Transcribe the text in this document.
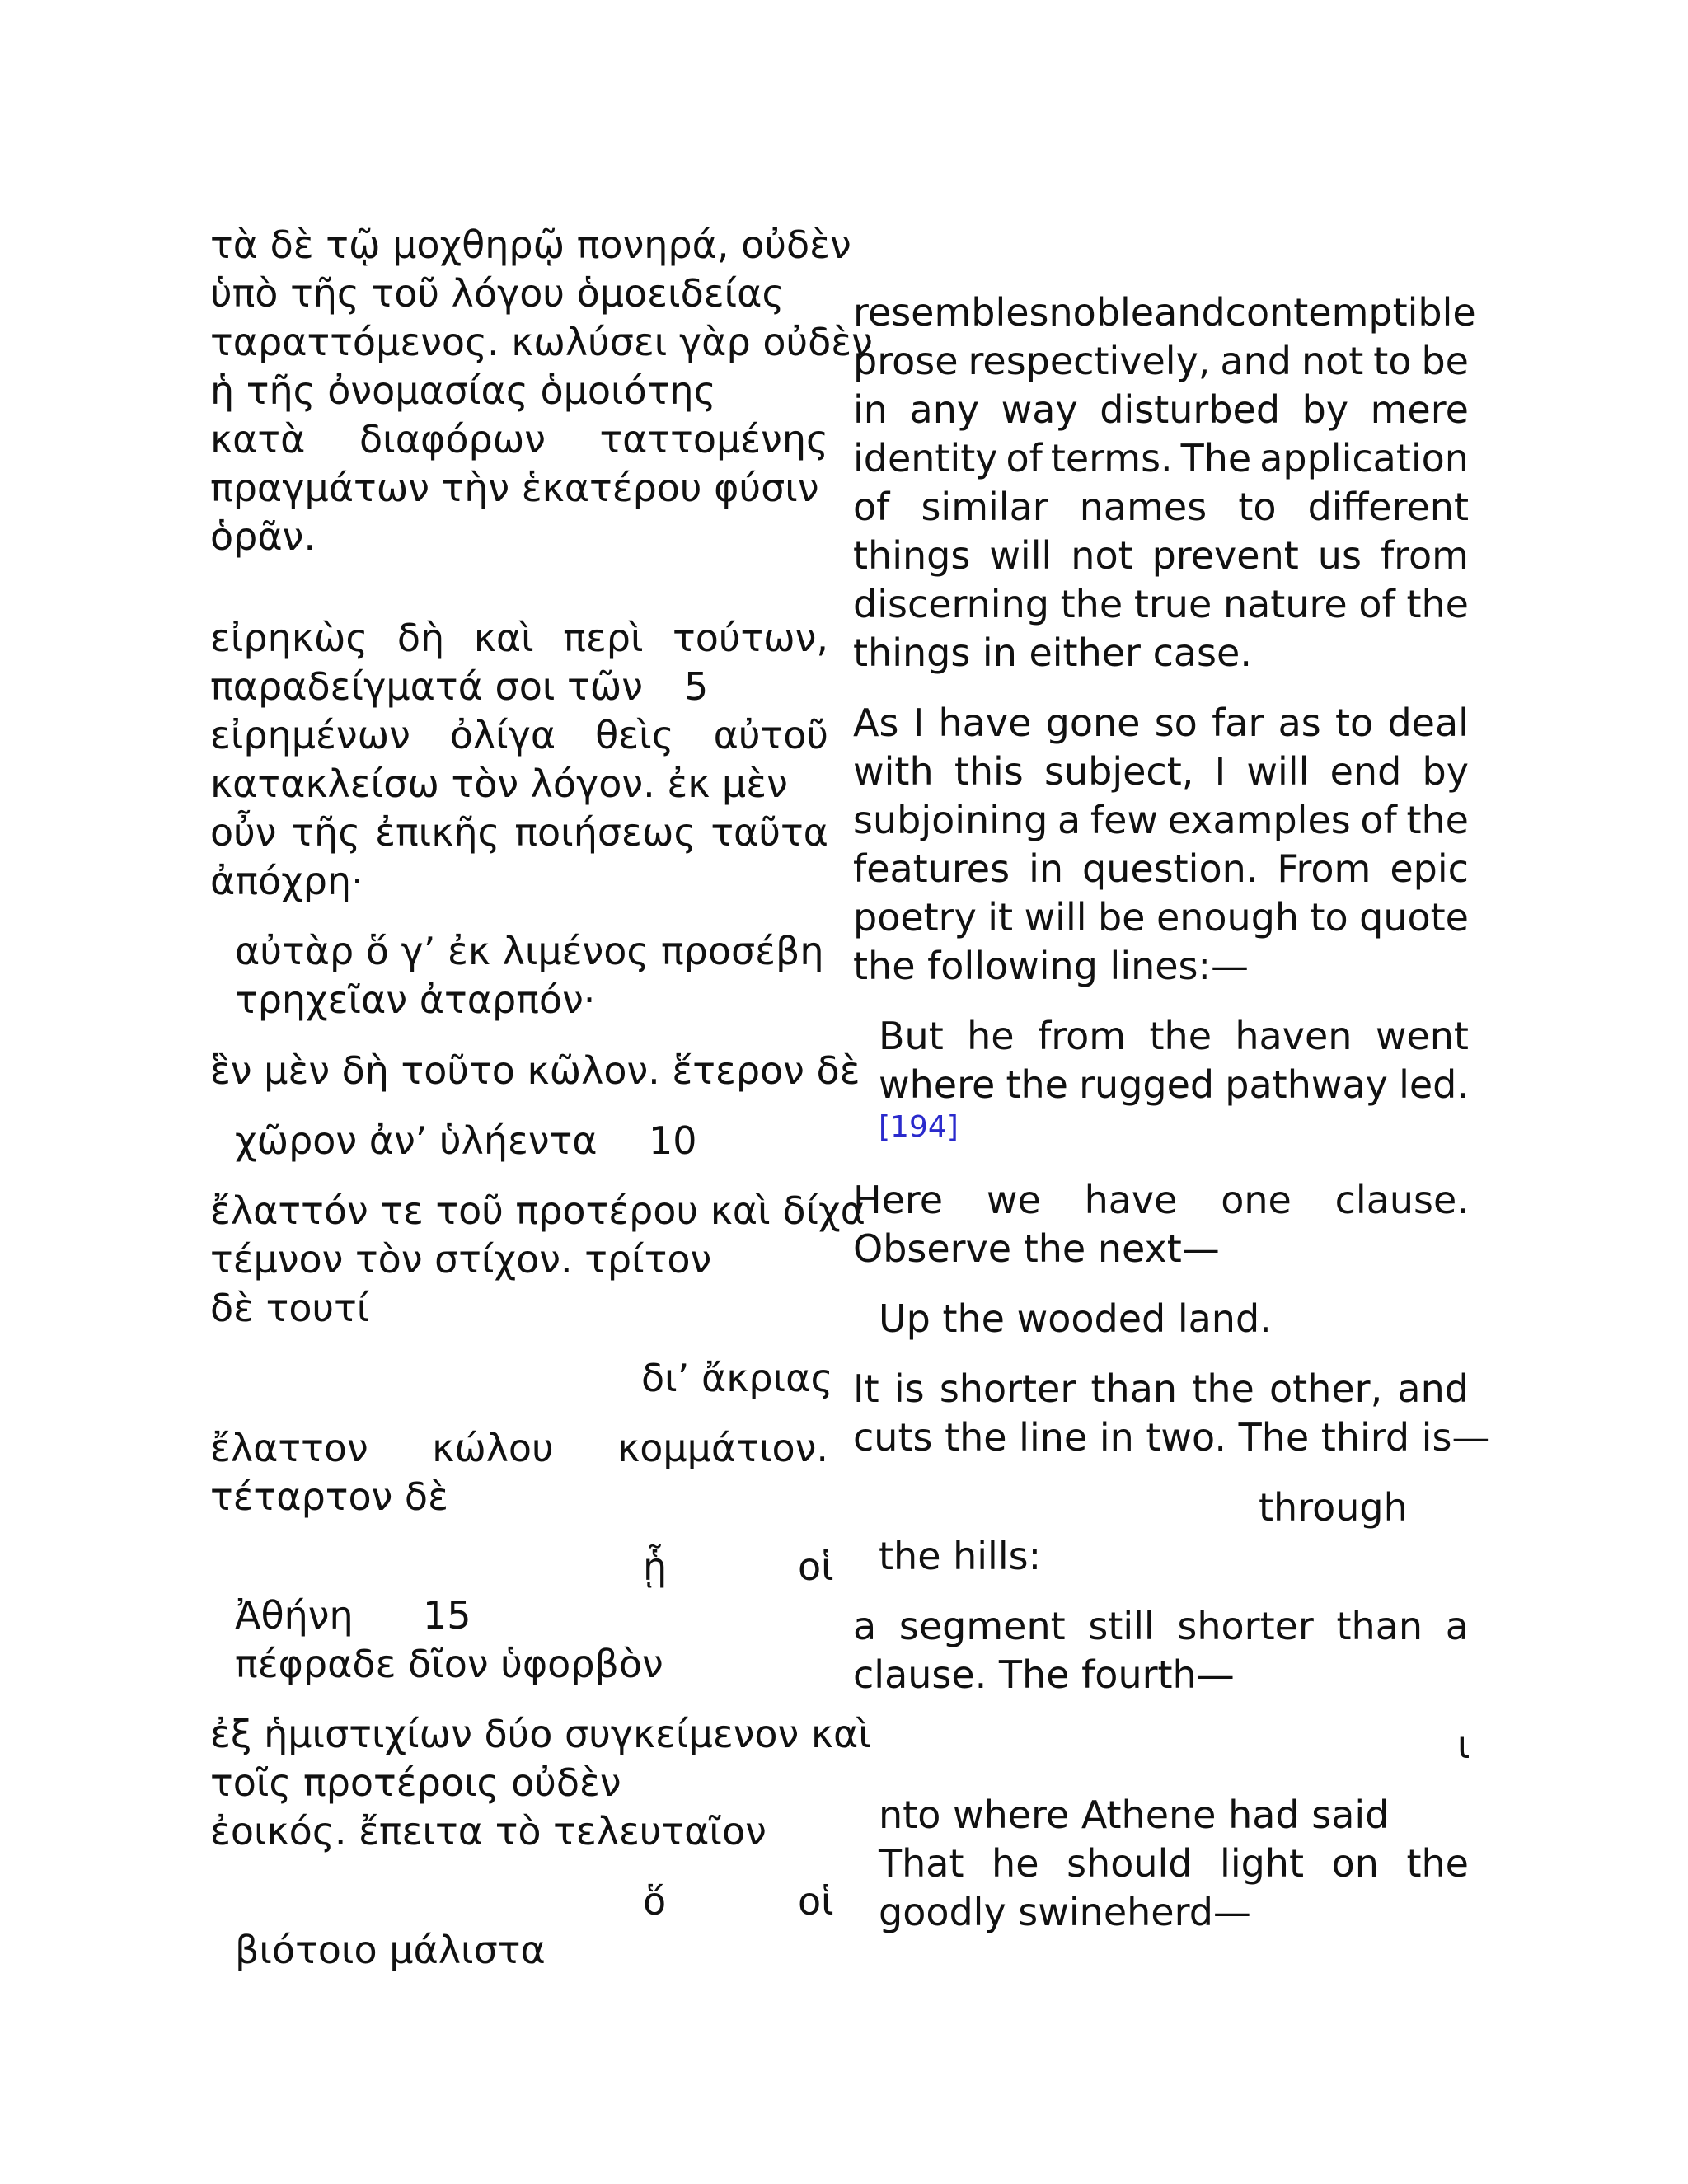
τὰ δὲ τῷ μοχθηρῷ πονηρά, οὐδὲν
ὑπὸ τῆς τοῦ λόγου ὁμοειδείας
ταραττόμενος. κωλύσει γὰρ οὐδὲν
ἡ τῆς ὀνομασίας ὁμοιότης
κατὰ διαφόρων ταττομένης
πραγμάτων τὴν ἑκατέρου φύσιν
ὁρᾶν.
εἰρηκὼς δὴ καὶ περὶ τούτων,
παραδείγματά σοι τῶν 5
εἰρημένων ὀλίγα θεὶς αὐτοῦ
κατακλείσω τὸν λόγον. ἐκ μὲν
οὖν τῆς ἐπικῆς ποιήσεως ταῦτα
ἀπόχρη·
αὐτὰρ ὅ γ’ ἐκ λιμένος προσέβη
τρηχεῖαν ἀταρπόν·
ἓν μὲν δὴ τοῦτο κῶλον. ἕτερον δὲ
χῶρον ἀν’ ὑλήεντα 10
ἔλαττόν τε τοῦ προτέρου καὶ δίχα
τέμνον τὸν στίχον. τρίτον
δὲ τουτί
δι’ ἄκριας
ἔλαττον κώλου κομμάτιον.
τέταρτον δὲ
ᾗ	οἱ
Ἀθήνη 15
πέφραδε δῖον ὑφορβὸν
ἐξ ἡμιστιχίων δύο συγκείμενον καὶ
τοῖς προτέροις οὐδὲν
ἐοικός. ἔπειτα τὸ τελευταῖον
ὅ	οἱ
βιότοιο μάλιστα
resembles noble and contemptible
prose respectively, and not to be
in any way disturbed by mere
identity of terms. The application
of similar names to different
things will not prevent us from
discerning the true nature of the
things in either case.
As I have gone so far as to deal
with this subject, I will end by
subjoining a few examples of the
features in question. From epic
poetry it will be enough to quote
the following lines:—
But he from the haven went
where the rugged pathway led.
[194]
Here we have one clause.
Observe the next—
Up the wooded land.
It is shorter than the other, and
cuts the line in two. The third is—
through
the hills:
a segment still shorter than a
clause. The fourth—
ι
nto where Athene had said
That he should light on the
goodly swineherd—
